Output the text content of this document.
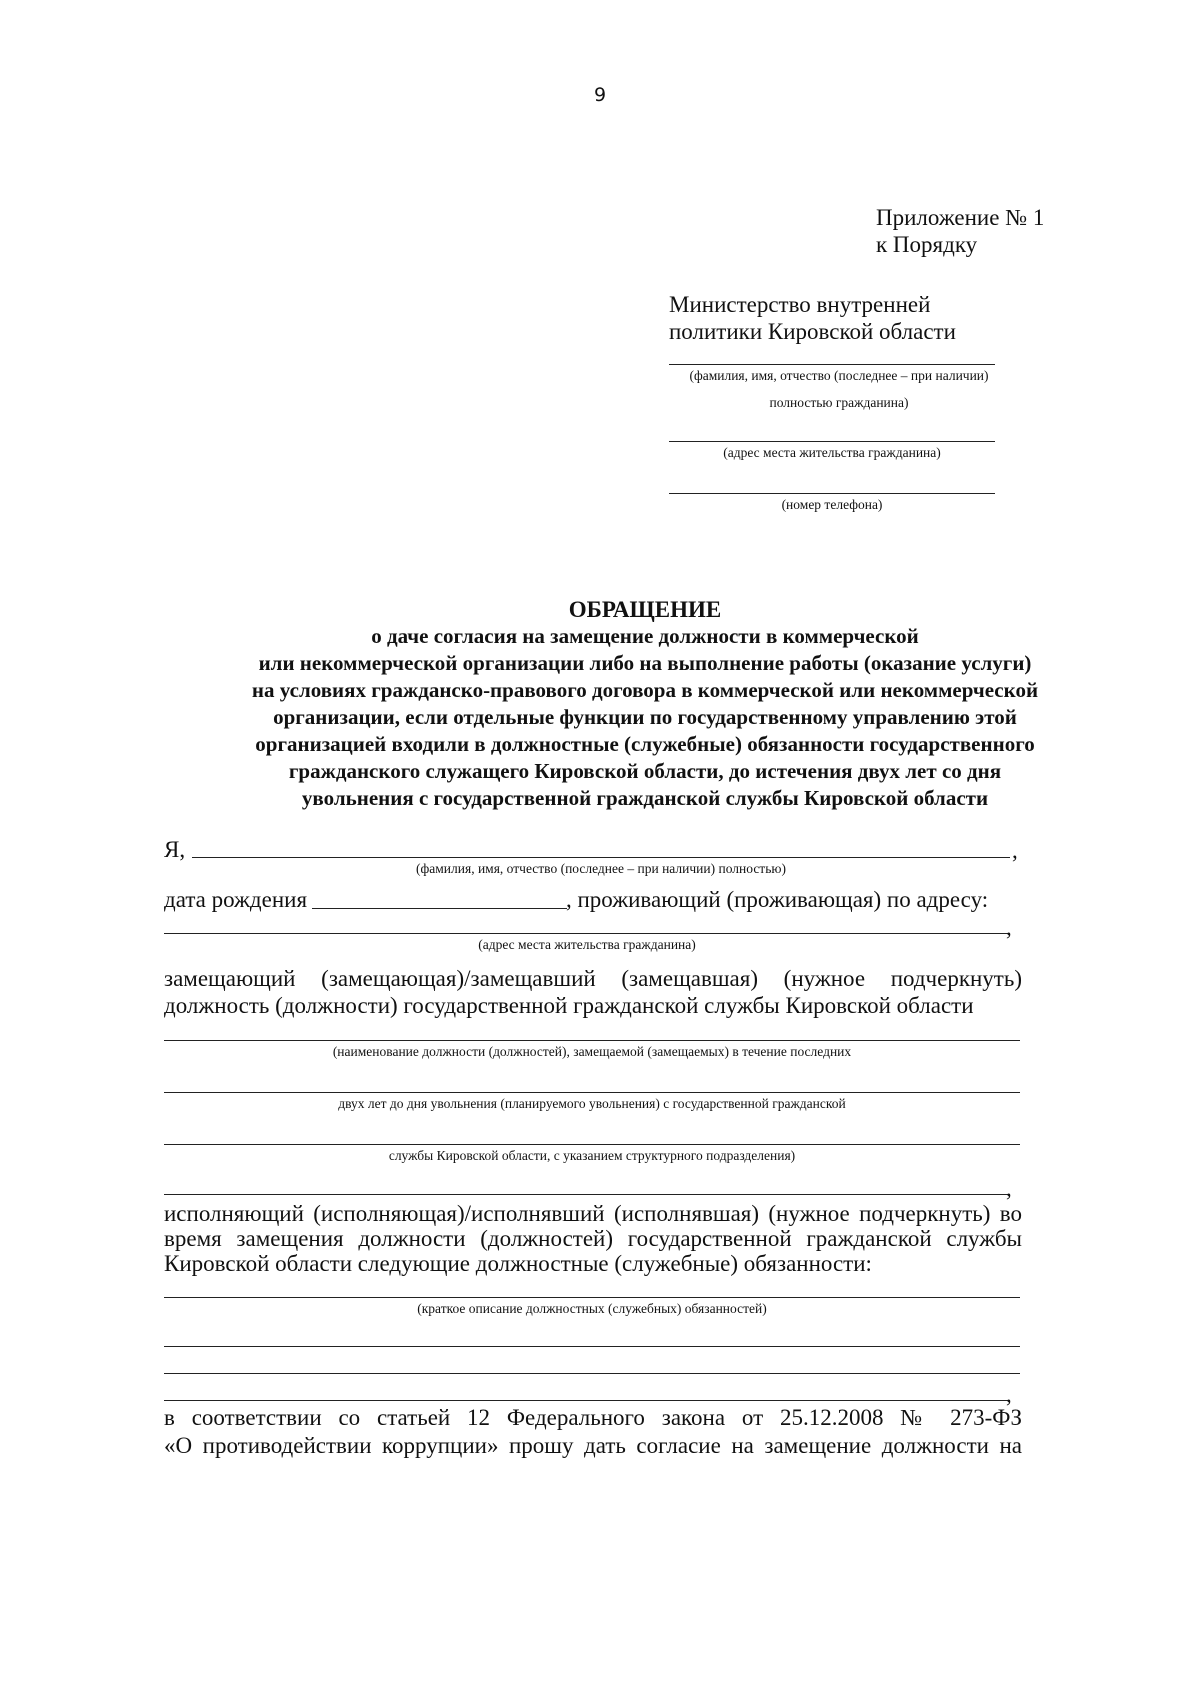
9
Приложение № 1
к Порядку
Министерство внутренней
политики Кировской области
(фамилия, имя, отчество (последнее – при наличии)
полностью гражданина)
(адрес места жительства гражданина)
(номер телефона)
ОБРАЩЕНИЕ
о даче согласия на замещение должности в коммерческой
или некоммерческой организации либо на выполнение работы (оказание услуги)
на условиях гражданско-правового договора в коммерческой или некоммерческой
организации, если отдельные функции по государственному управлению этой
организацией входили в должностные (служебные) обязанности государственного
гражданского служащего Кировской области, до истечения двух лет со дня
увольнения с государственной гражданской службы Кировской области
Я,	,
(фамилия, имя, отчество (последнее – при наличии) полностью)
дата рождения	, проживающий (проживающая) по адресу:
,
(адрес места жительства гражданина)
замещающий (замещающая)/замещавший (замещавшая) (нужное подчеркнуть)
должность (должности) государственной гражданской службы Кировской области
(наименование должности (должностей), замещаемой (замещаемых) в течение последних
двух лет до дня увольнения (планируемого увольнения) с государственной гражданской
службы Кировской области, с указанием структурного подразделения)
,
исполняющий (исполняющая)/исполнявший (исполнявшая) (нужное подчеркнуть) во
время замещения должности (должностей) государственной гражданской службы
Кировской области следующие должностные (служебные) обязанности:
(краткое описание должностных (служебных) обязанностей)
,
в соответствии со статьей 12 Федерального закона от 25.12.2008 № 273-ФЗ
«О противодействии коррупции» прошу дать согласие на замещение должности на
